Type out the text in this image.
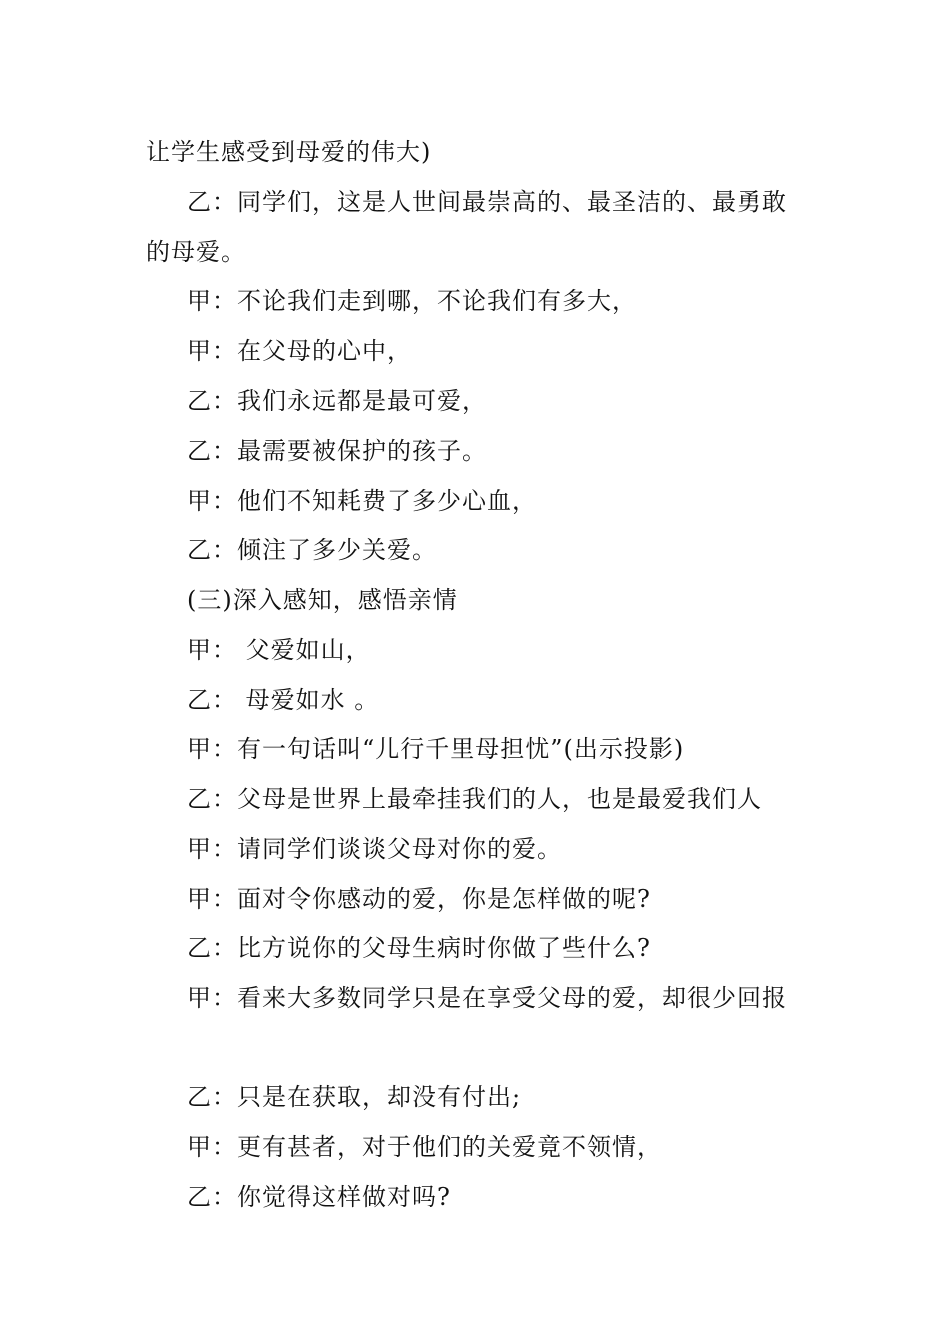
让学生感受到母爱的伟大)
乙：同学们，这是人世间最崇高的、最圣洁的、最勇敢
的母爱。
甲：不论我们走到哪，不论我们有多大，
甲：在父母的心中，
乙：我们永远都是最可爱，
乙：最需要被保护的孩子。
甲：他们不知耗费了多少心血，
乙：倾注了多少关爱。
(三)深入感知，感悟亲情
甲： 父爱如山，
乙： 母爱如水 。
甲：有一句话叫“儿行千里母担忧”(出示投影)
乙：父母是世界上最牵挂我们的人，也是最爱我们人
甲：请同学们谈谈父母对你的爱。
甲：面对令你感动的爱，你是怎样做的呢?
乙：比方说你的父母生病时你做了些什么?
甲：看来大多数同学只是在享受父母的爱，却很少回报
乙：只是在获取，却没有付出;
甲：更有甚者，对于他们的关爱竟不领情，
乙：你觉得这样做对吗?
